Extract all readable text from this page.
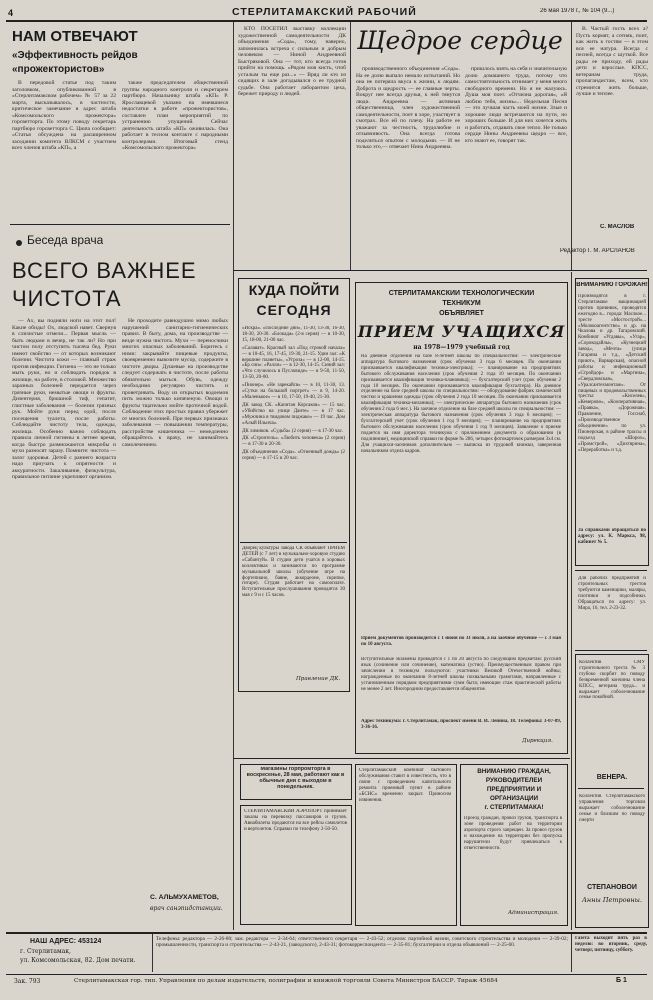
4	СТЕРЛИТАМАКСКИЙ РАБОЧИЙ	26 мая 1978 г., № 104 (9...)
НАМ ОТВЕЧАЮТ
«Эффективность рейдов
«прожектористов»

В передовой статье под таким заголовком, опубликованной в «Стерлитамакском рабочем» № 57 за 22 марта, высказывалось, в частности, критическое замечание в адрес штаба «Комсомольского прожектора» горсветторга. По этому поводу секретарь партбюро горсветторга С. Цюпа сообщает: «Статья обсуждена на расширенном заседании комитета ВЛКСМ с участием всех членов штаба «КП», а

также председателем общественной группы народного контроля и секретарем партбюро. Начальнику штаба «КП» Р. Ярославцевой указано на имевшиеся недостатки в работе «прожектористов», составлен план мероприятий по устранению упущений. Сейчас деятельность штаба «КП» оживилась. Она работает в тесном контакте с народными контролерами. Итоговый стенд «Комсомольского прожектора»

Беседа врача
ВСЕГО ВАЖНЕЕ
ЧИСТОТА

— Ах, вы подняли ноги на этот пол! Какие обиды! Ох, людской навет. Свернув в слизистые отмели... Первая мысль — быть людьми в вечер, не так ли? Но при чистом полу отступить тысяча бед. Руки имеют свойство — от которых возникают болезни. Чистота кожи — главный страж против инфекции. Гигиена — это не только мыть руки, но и соблюдать порядок в жилище, на работе, в столовой. Множество заразных болезней передается через грязные руки, немытые овощи и фрукты. Дизентерия, брюшной тиф, гепатит, глистные заболевания — болезни грязных рук. Мойте руки перед едой, после посещения туалета, после работы. Соблюдайте чистоту тела, одежды, жилища. Особенно важно соблюдать правила личной гигиены в летнее время, когда быстро размножаются микробы и мухи разносят заразу. Помните: чистота — залог здоровья. Детей с раннего возраста надо приучать к опрятности и аккуратности. Закаливание, физкультура, правильное питание укрепляют организм.

Не проходите равнодушно мимо любых нарушений санитарно-гигиенических правил. В быту, дома, на производстве — везде нужна чистота. Мухи — переносчики многих опасных заболеваний. Боритесь с ними: закрывайте пищевые продукты, своевременно вывозите мусор, содержите в чистоте дворы. Душевые на производстве следует содержать в чистоте, после работы обязательно мыться. Обувь, одежду необходимо регулярно чистить и проветривать. Воду из открытых водоемов пить можно только кипяченую. Овощи и фрукты тщательно мойте проточной водой. Соблюдение этих простых правил убережет от многих болезней. При первых признаках заболевания — повышении температуры, расстройстве кишечника — немедленно обращайтесь к врачу, не занимайтесь самолечением.

С. АЛЬМУХАМЕТОВ,
врач санэпидстанции.

КТО ПОСЕТИЛ выставку коллекции художественной самодеятельности ДК объединения «Сода», тому, наверно, запомнилась встреча с сильным и добрым человеком — Ниной Андреевной Быстряковой. Она — тот, кто всегда готов прийти на помощь. «Рядом моя кисть, чтоб усталым ты еще раз...» — Вряд ли кто из сидящих в зале догадывался о ее трудной судьбе. Она работает лаборантом цеха, бережет природу и людей.

Щедрое сердце

проязводственного объединения «Сода». На ее долю выпало немало испытаний. Но она не потеряла вкуса к жизни, к людям. Доброта и щедрость — ее главные черты. Вокруг нее всегда друзья, к ней тянутся люди. Андреевна — активная общественница, член художественной самодеятельности, поет в хоре, участвует в смотрах. Все ей по плечу. На работе ее уважают за честность, трудолюбие и отзывчивость. Она всегда готова поделиться опытом с молодыми. — И не только это,— отвечает Нина Андреевна.

пришлось взять на себя и значительную долю домашнего труда, потому что самостоятельность отнимает у меня много свободного времени. Но я не жалуюсь. Душа моя поет. «Отчизна дорогая», «Я люблю тебя, жизнь»... Недельная Песня — это лучшая часть моей жизни. Злые и хорошие люди встречаются на пути, но хороших больше. И для них хочется жить и работать, отдавать свое тепло. Не только сердце Нины Андреевны щедро — все, кто знают ее, говорят так.

В. Частый гость всех а? Пусть кормят, а сотняк, поит, как жить к гостям — в этом вся ее натура. Всегда с песней, всегда с шуткой. Все рады ее приходу, ей рады дети и взрослые. КПСС, ветеранам труда, пропагандистам, всем, кто стремится жить больше, лучше и теплее.

С. МАСЛОВ
Редактор Г. М. АРСЛАНОВ
КУДА ПОЙТИ
СЕГОДНЯ

«Искра». «Последние дни», 11-30, 13-30, 16-30, 18-30, 20-30. «Блокада» (2-я серия) — в 10-30, 15, 18-00, 21-00 час.

«Салават». Красный зал «Под строкой начала» — в 10-45, 16, 17-45, 19-30, 21-15. Удин зал: «К вершине планеты», «Угроза» — в 12-00, 14-15. «Бр сии»: «Ралли» — в 12-30, 14-15. Синий зал: «Что случилось в Пусловиде» — в 9-50, 11-50, 13-50, 20-00.

«Пионер». «Не зарекайся» — в 10, 11-30, 13. «Сутки на большой портрет» — в 9, 14-20. «Маленькое» — в 16, 17-50, 19-40, 21-30.

ДК завод СК. «Капитан Корсаков» — 15 час. «Убийство на улице Данте» — в 17 час. «Мужчина в твидовом пиджаке» — 19 час. Дом «Алый Ильича».

ДК химиков. «Судьба» (2 серия) — в 17-30 час.

ДК «Строитель». «Любить человека» (2 серии) — в 17-30 и 20-30.

ДК объединения «Сода». «Огненный дождь» (2 серия) — в 17-15 и 20 час.

Дворец культуры завода СК объявляет ПРИЕМ ДЕТЕЙ (с 7 лет) в музыкально-хоровую студию «Сабантуй». В студии дети учатся в хоровых коллективах и занимаются по программе музыкальной школы (обучение игре на фортепиано, баяне, аккордеоне, скрипке, гитаре). Студия работает на самооплате. Вступительные прослушивания проводятся 30 мая с 9 и с 15 часов.

Правление ДК.
СТЕРЛИТАМАКСКИЙ ТЕХНОЛОГИЧЕСКИЙ
ТЕХНИКУМ
ОБЪЯВЛЯЕТ
ПРИЕМ УЧАЩИХСЯ
на 1978—1979 учебный год

На дневное отделение на базе 8-летней школы по специальностям: — электрические аппаратура бытового назначения (срок обучения 3 года 6 месяцев. По окончании присваивается квалификация техника-электрика); — планирование на предприятиях бытового обслуживания населения (срок обучения 2 года 10 месяцев. По окончании присваивается квалификация техника-плановика); — бухгалтерский учет (срок обучения 2 года 10 месяцев. По окончании присваивается квалификация бухгалтера). На дневное отделение на базе средней школы по специальностям: — оборудование фабрик химической чистки и крашения одежды (срок обучения 2 года 10 месяцев. По окончании присваивается квалификация техника-механика); — электрические аппаратура бытового назначения (срок обучения 2 года 6 мес.). На заочное отделение на базе средней школы по специальностям: — электрическая аппаратура бытового назначения (срок обучения 3 года 6 месяцев); — бухгалтерский учет (срок обучения 1 год 9 месяцев); — планирование на предприятиях бытового обслуживания населения (срок обучения 1 год 9 месяцев). Заявление о приеме подается на имя директора техникума с приложением документа о образовании (в подлиннике), медицинской справки по форме № 286, четырех фотокарточек размером 3х4 см. Для учащихся-заочников дополнительно — выписка из трудовой книжки, заверенная начальником отдела кадров.

Прием документов производится с 1 июня по 31 июля, а на заочное обучение — с 3 мая по 10 августа.

Вступительные экзамены проводятся с 1 по 20 августа по следующим предметам: русский язык (сочинение или сочинение), математика (устно). Преимущественным правом при зачислении в техникум пользуются: участники Великой Отечественной войны; награжденные по окончании 8-летней школы похвальными грамотами, направленные с установленным порядком предприятиями сумм быта; имеющие стаж практической работы не менее 2 лет. Иногородним предоставляется общежитие.

Адрес техникума: г. Стерлитамак, проспект имени В. И. Ленина, 18. Телефоны: 3-07-89, 3-36-16.

Дирекция.
ВНИМАНИЮ ГОРОЖАН!

Производятся в г. Стерлитамаке вакцинацией против прививок, проводятся ежегодно в... города: Маслкое... тресте «Мостострой»... «Молокоагентство» и др. на Чкалова и др. Тагаровский. Комбинат «Угдавы», «Угар», «Сорокодайлы», «Кузнецкий завод», «Мечта» (улица Гагарина и т.д., «Детский приют», Варварская), опасной работы и инфекционный «Стройдор» и «Маргина», «Свердловская», «Уралсантехмонтаж». От пищевых и продовольственных тресты: «Киселев», «Кемерово», «Кооперативная», «Правка», «Дорожная». Правление, Госснаб, «Производственное объединение» по ул. Пионерская, в районе трассы и подъезд «Шорох», «Промстрой», «Дихтярина», «Переработка» и т.д.

За справками обращаться по адресу: ул. К. Маркса, 98, кабинет № 5.

Для рабочих предприятий и строительных трестов требуются каменщики, маляры, плотники и подсобники. Обращаться по адресу: ул. Мира, 16, тел. 2-23-32.

Коллектив СМУ строительного треста № 3 глубоко скорбит по поводу безвременной кончины члена КПСС, ветерана труда... и выражает соболезнование семье покойной.

ВЕНЕРА.

Коллектив Стерлитамакского управления торговли выражает соболезнование семье и близким по поводу смерти

СТЕПАНОВОЙ
Анны Петровны.

Магазины горпромторга в воскресенье, 28 мая, работают как в обычные дни с выходом в понедельник.

СТЕРЛИТАМАКСКИЙ АЭРОПОРТ принимает заказы на перевозку пассажиров и грузов. Авиабилеты продаются на все рейсы самолетов и вертолетов. Справки по телефону 2-50-50.

Стерлитамакский комбинат бытового обслуживания ставит в известность, что в связи с проведением капитального ремонта приемный пункт в районе «БСНС» временно закрыт. Приносим извинения.

ВНИМАНИЮ ГРАЖДАН,
РУКОВОДИТЕЛЕЙ
ПРЕДПРИЯТИЙ И
ОРГАНИЗАЦИЙ
г. СТЕРЛИТАМАКА!

Проезд граждан, провоз грузов, транспорта в зоне проведения работ на территории аэропорта строго запрещен. За провоз грузов и нахождение на территории без пропуска нарушители будут привлекаться к ответственности.

Администрация.
НАШ АДРЕС: 453124
г. Стерлитамак,
ул. Комсомольская, 82. Дом печати.

Телефоны: редактора — 2-26-80; зам. редактора — 2-34-64; ответственного секретаря — 2-43-52; отделов: партийной жизни, советского строительства и молодежи — 2-39-02; промышленности, транспорта и строительства — 2-43-21, (заводского), 2-43-31; фотокорреспондента — 2-35-81; бухгалтерии и отдела объявлений — 2-25-60.

Газета выходит пять раз в неделю: во вторник, среду, четверг, пятницу, субботу.

Зак. 793	Стерлитамакская гор. тип. Управления по делам издательств, полиграфии и книжной торговли Совета Министров БАССР. Тираж 45684	Б 1
